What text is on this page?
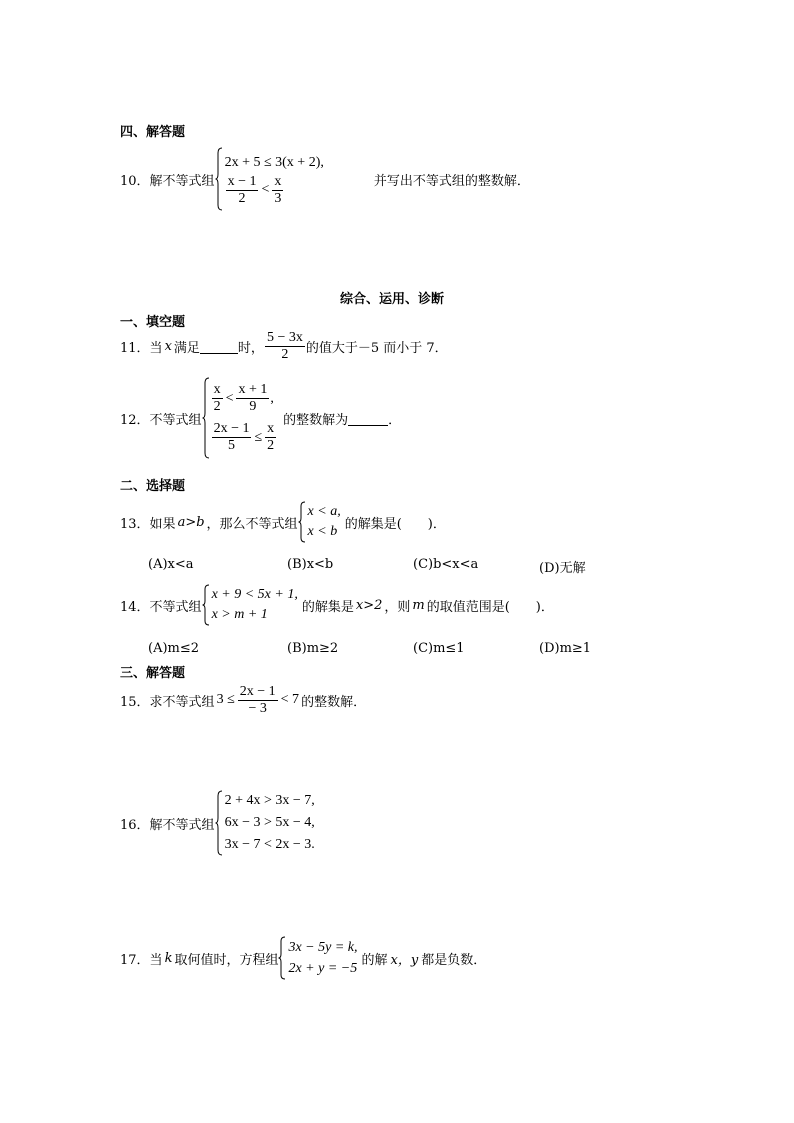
四、解答题
10． 解不等式组
2x + 5 ≤ 3(x + 2),
$\frac{x - 1}{2} < \frac{x}{3}$	并写出不等式组的整数解．
综合、运用、诊断
一、填空题
11． 当 x 满足	时， $\frac{5 - 3x}{2}$ 的值大于－5 而小于 7．
12． 不等式组
$\frac{x}{2} < \frac{x + 1}{9}$ ,
$\frac{2x - 1}{5} \le \frac{x}{2}$
的整数解为	．
二、选择题
13． 如果 a>b ，那么不等式组
x < a,
x < b 的解集是( )．
(A)x<a	(B)x<b	(C)b<x<a	(D)无解
14． 不等式组
x + 9 < 5x + 1,
x > m + 1	的解集是 x>2 ，则 m 的取值范围是( )．
(A)m≤2	(B)m≥2	(C)m≤1	(D)m≥1
三、解答题
15． 求不等式组 $3 \le \frac{2x - 1}{- 3} < 7$ 的整数解．
16． 解不等式组
2 + 4x > 3x − 7,
6x − 3 > 5x − 4,
3x − 7 < 2x − 3.
17． 当 k 取何值时，方程组
3x − 5y = k,
2x + y = −5
的解 x，y 都是负数．
